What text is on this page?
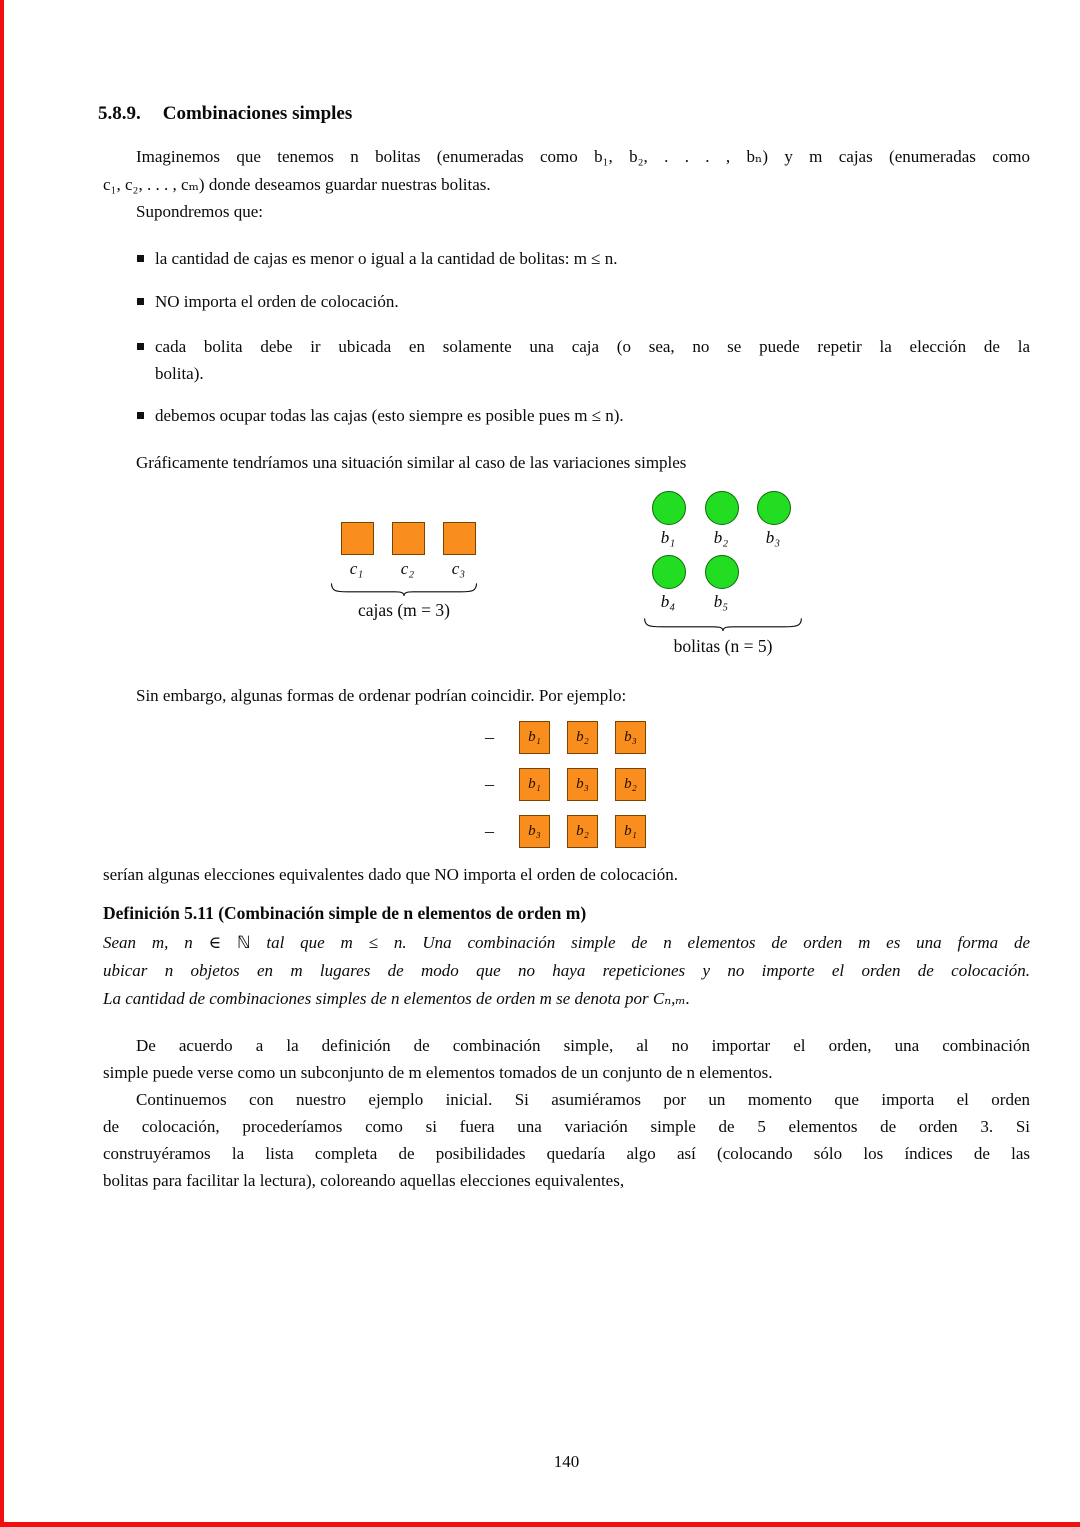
5.8.9. Combinaciones simples
Imaginemos que tenemos n bolitas (enumeradas como b₁, b₂, . . . , bₙ) y m cajas (enumeradas como
c₁, c₂, . . . , cₘ) donde deseamos guardar nuestras bolitas.
Supondremos que:
la cantidad de cajas es menor o igual a la cantidad de bolitas: m ≤ n.
NO importa el orden de colocación.
cada bolita debe ir ubicada en solamente una caja (o sea, no se puede repetir la elección de la
bolita).
debemos ocupar todas las cajas (esto siempre es posible pues m ≤ n).
Gráficamente tendríamos una situación similar al caso de las variaciones simples
c₁	c₂	c₃
cajas (m = 3)
b₁	b₂	b₃
b₄	b₅
bolitas (n = 5)
Sin embargo, algunas formas de ordenar podrían coincidir. Por ejemplo:
–	b₁	b₂	b₃
–	b₁	b₃	b₂
–	b₃	b₂	b₁
serían algunas elecciones equivalentes dado que NO importa el orden de colocación.
Definición 5.11 (Combinación simple de n elementos de orden m)
Sean m, n ∈ ℕ tal que m ≤ n. Una combinación simple de n elementos de orden m es una forma de
ubicar n objetos en m lugares de modo que no haya repeticiones y no importe el orden de colocación.
La cantidad de combinaciones simples de n elementos de orden m se denota por Cₙ,ₘ.
De acuerdo a la definición de combinación simple, al no importar el orden, una combinación
simple puede verse como un subconjunto de m elementos tomados de un conjunto de n elementos.
Continuemos con nuestro ejemplo inicial. Si asumiéramos por un momento que importa el orden
de colocación, procederíamos como si fuera una variación simple de 5 elementos de orden 3. Si
construyéramos la lista completa de posibilidades quedaría algo así (colocando sólo los índices de las
bolitas para facilitar la lectura), coloreando aquellas elecciones equivalentes,
140
